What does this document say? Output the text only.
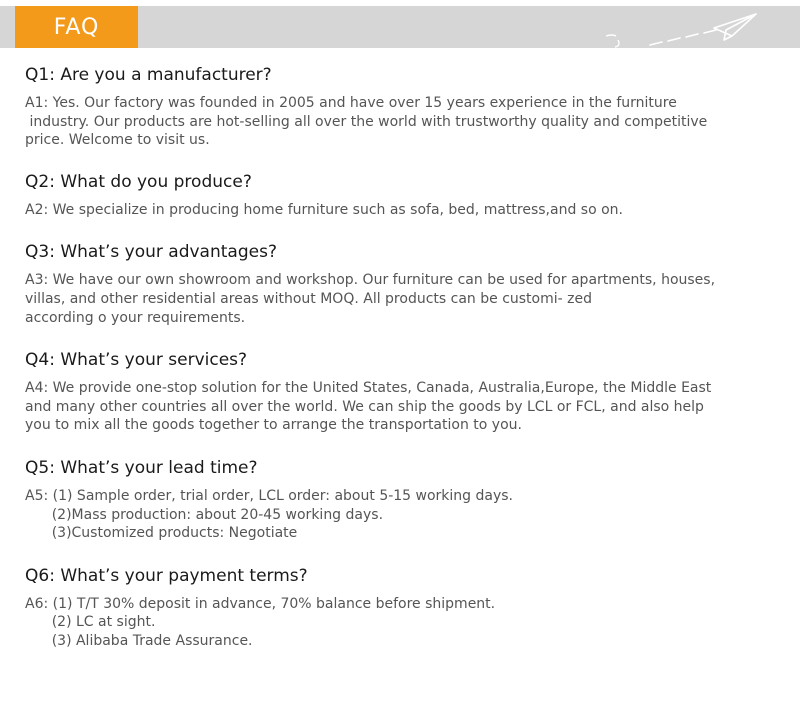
FAQ
Q1: Are you a manufacturer?
A1: Yes. Our factory was founded in 2005 and have over 15 years experience in the furniture
industry. Our products are hot-selling all over the world with trustworthy quality and competitive
price. Welcome to visit us.
Q2: What do you produce?
A2: We specialize in producing home furniture such as sofa, bed, mattress,and so on.
Q3: What’s your advantages?
A3: We have our own showroom and workshop. Our furniture can be used for apartments, houses,
villas, and other residential areas without MOQ. All products can be customi- zed
according o your requirements.
Q4: What’s your services?
A4: We provide one-stop solution for the United States, Canada, Australia,Europe, the Middle East
and many other countries all over the world. We can ship the goods by LCL or FCL, and also help
you to mix all the goods together to arrange the transportation to you.
Q5: What’s your lead time?
A5: (1) Sample order, trial order, LCL order: about 5-15 working days.
(2)Mass production: about 20-45 working days.
(3)Customized products: Negotiate
Q6: What’s your payment terms?
A6: (1) T/T 30% deposit in advance, 70% balance before shipment.
(2) LC at sight.
(3) Alibaba Trade Assurance.
